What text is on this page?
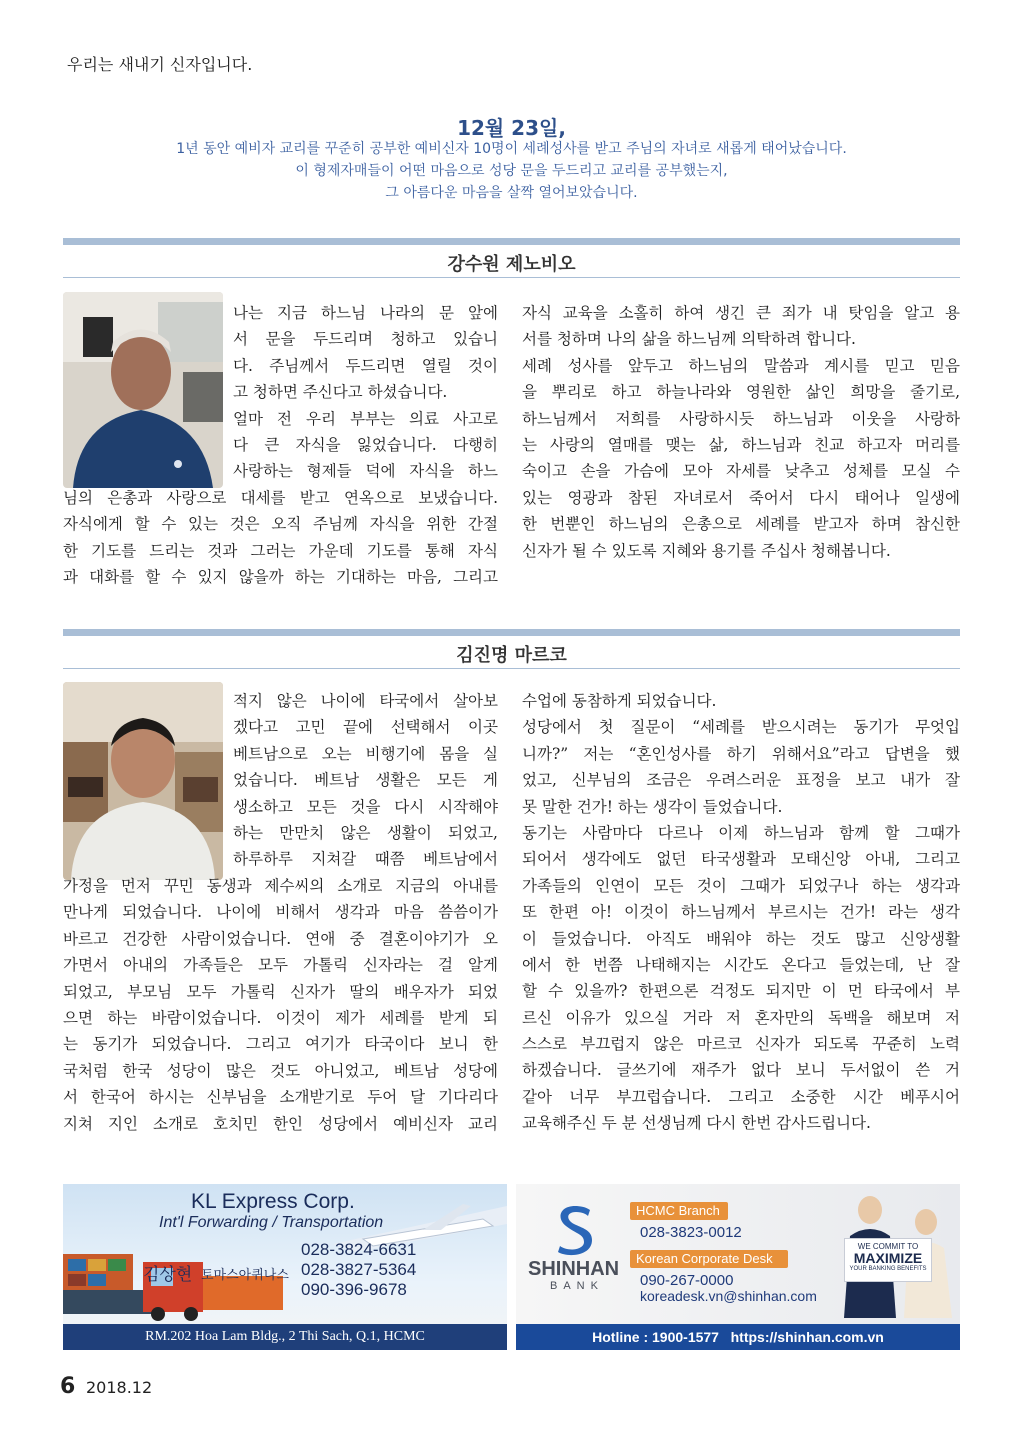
우리는 새내기 신자입니다.
12월 23일,
1년 동안 예비자 교리를 꾸준히 공부한 예비신자 10명이 세례성사를 받고 주님의 자녀로 새롭게 태어났습니다.
이 형제자매들이 어떤 마음으로 성당 문을 두드리고 교리를 공부했는지,
그 아름다운 마음을 살짝 열어보았습니다.
강수원 제노비오
나는 지금 하느님 나라의 문 앞에
서 문을 두드리며 청하고 있습니
다. 주님께서 두드리면 열릴 것이
고 청하면 주신다고 하셨습니다.
얼마 전 우리 부부는 의료 사고로
다 큰 자식을 잃었습니다. 다행히
사랑하는 형제들 덕에 자식을 하느
님의 은총과 사랑으로 대세를 받고 연옥으로 보냈습니다.
자식에게 할 수 있는 것은 오직 주님께 자식을 위한 간절
한 기도를 드리는 것과 그러는 가운데 기도를 통해 자식
과 대화를 할 수 있지 않을까 하는 기대하는 마음, 그리고
자식 교육을 소홀히 하여 생긴 큰 죄가 내 탓임을 알고 용
서를 청하며 나의 삶을 하느님께 의탁하려 합니다.
세례 성사를 앞두고 하느님의 말씀과 계시를 믿고 믿음
을 뿌리로 하고 하늘나라와 영원한 삶인 희망을 줄기로,
하느님께서 저희를 사랑하시듯 하느님과 이웃을 사랑하
는 사랑의 열매를 맺는 삶, 하느님과 친교 하고자 머리를
숙이고 손을 가슴에 모아 자세를 낮추고 성체를 모실 수
있는 영광과 참된 자녀로서 죽어서 다시 태어나 일생에
한 번뿐인 하느님의 은총으로 세례를 받고자 하며 참신한
신자가 될 수 있도록 지혜와 용기를 주십사 청해봅니다.
김진명 마르코
적지 않은 나이에 타국에서 살아보
겠다고 고민 끝에 선택해서 이곳
베트남으로 오는 비행기에 몸을 실
었습니다. 베트남 생활은 모든 게
생소하고 모든 것을 다시 시작해야
하는 만만치 않은 생활이 되었고,
하루하루 지쳐갈 때쯤 베트남에서
가정을 먼저 꾸민 동생과 제수씨의 소개로 지금의 아내를
만나게 되었습니다. 나이에 비해서 생각과 마음 씀씀이가
바르고 건강한 사람이었습니다. 연애 중 결혼이야기가 오
가면서 아내의 가족들은 모두 가톨릭 신자라는 걸 알게
되었고, 부모님 모두 가톨릭 신자가 딸의 배우자가 되었
으면 하는 바람이었습니다. 이것이 제가 세례를 받게 되
는 동기가 되었습니다. 그리고 여기가 타국이다 보니 한
국처럼 한국 성당이 많은 것도 아니었고, 베트남 성당에
서 한국어 하시는 신부님을 소개받기로 두어 달 기다리다
지쳐 지인 소개로 호치민 한인 성당에서 예비신자 교리
수업에 동참하게 되었습니다.
성당에서 첫 질문이 “세례를 받으시려는 동기가 무엇입
니까?” 저는 “혼인성사를 하기 위해서요”라고 답변을 했
었고, 신부님의 조금은 우려스러운 표정을 보고 내가 잘
못 말한 건가! 하는 생각이 들었습니다.
동기는 사람마다 다르나 이제 하느님과 함께 할 그때가
되어서 생각에도 없던 타국생활과 모태신앙 아내, 그리고
가족들의 인연이 모든 것이 그때가 되었구나 하는 생각과
또 한편 아! 이것이 하느님께서 부르시는 건가! 라는 생각
이 들었습니다. 아직도 배워야 하는 것도 많고 신앙생활
에서 한 번쯤 나태해지는 시간도 온다고 들었는데, 난 잘
할 수 있을까? 한편으론 걱정도 되지만 이 먼 타국에서 부
르신 이유가 있으실 거라 저 혼자만의 독백을 해보며 저
스스로 부끄럽지 않은 마르코 신자가 되도록 꾸준히 노력
하겠습니다. 글쓰기에 재주가 없다 보니 두서없이 쓴 거
같아 너무 부끄럽습니다. 그리고 소중한 시간 베푸시어
교육해주신 두 분 선생님께 다시 한번 감사드립니다.
KL Express Corp.
Int'l Forwarding / Transportation
028-3824-6631
김상현 토마스아퀴나스 028-3827-5364
090-396-9678
RM.202 Hoa Lam Bldg., 2 Thi Sach, Q.1, HCMC
SHINHAN
BANK
HCMC Branch
028-3823-0012
Korean Corporate Desk
090-267-0000
koreadesk.vn@shinhan.com
WE COMMIT TO
MAXIMIZE
YOUR BANKING BENEFITS
Hotline : 1900-1577   https://shinhan.com.vn
6 2018.12
